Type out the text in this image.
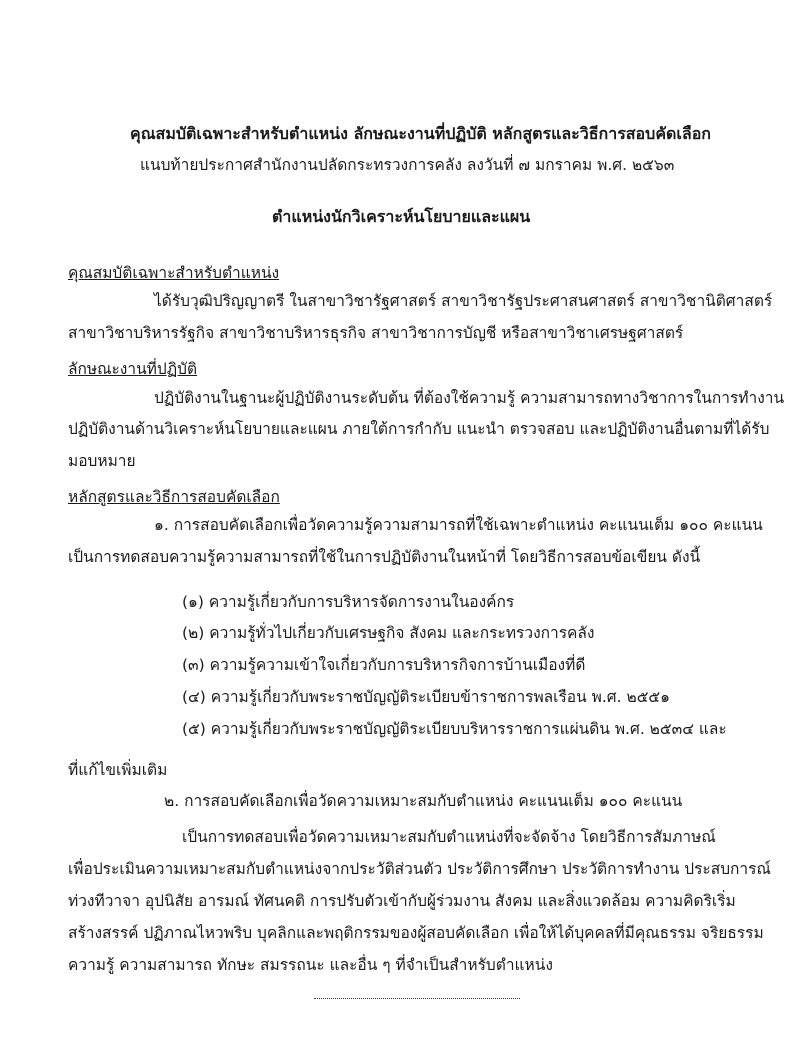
คุณสมบัติเฉพาะสำหรับตำแหน่ง ลักษณะงานที่ปฏิบัติ หลักสูตรและวิธีการสอบคัดเลือก
แนบท้ายประกาศสำนักงานปลัดกระทรวงการคลัง ลงวันที่ ๗ มกราคม พ.ศ. ๒๕๖๓
ตำแหน่งนักวิเคราะห์นโยบายและแผน
คุณสมบัติเฉพาะสำหรับตำแหน่ง
ได้รับวุฒิปริญญาตรี ในสาขาวิชารัฐศาสตร์ สาขาวิชารัฐประศาสนศาสตร์ สาขาวิชานิติศาสตร์
สาขาวิชาบริหารรัฐกิจ สาขาวิชาบริหารธุรกิจ สาขาวิชาการบัญชี หรือสาขาวิชาเศรษฐศาสตร์
ลักษณะงานที่ปฏิบัติ
ปฏิบัติงานในฐานะผู้ปฏิบัติงานระดับต้น ที่ต้องใช้ความรู้ ความสามารถทางวิชาการในการทำงาน
ปฏิบัติงานด้านวิเคราะห์นโยบายและแผน ภายใต้การกำกับ แนะนำ ตรวจสอบ และปฏิบัติงานอื่นตามที่ได้รับ
มอบหมาย
หลักสูตรและวิธีการสอบคัดเลือก
๑. การสอบคัดเลือกเพื่อวัดความรู้ความสามารถที่ใช้เฉพาะตำแหน่ง คะแนนเต็ม ๑๐๐ คะแนน
เป็นการทดสอบความรู้ความสามารถที่ใช้ในการปฏิบัติงานในหน้าที่ โดยวิธีการสอบข้อเขียน ดังนี้
(๑) ความรู้เกี่ยวกับการบริหารจัดการงานในองค์กร
(๒) ความรู้ทั่วไปเกี่ยวกับเศรษฐกิจ สังคม และกระทรวงการคลัง
(๓) ความรู้ความเข้าใจเกี่ยวกับการบริหารกิจการบ้านเมืองที่ดี
(๔) ความรู้เกี่ยวกับพระราชบัญญัติระเบียบข้าราชการพลเรือน พ.ศ. ๒๕๕๑
(๕) ความรู้เกี่ยวกับพระราชบัญญัติระเบียบบริหารราชการแผ่นดิน พ.ศ. ๒๕๓๔ และ
ที่แก้ไขเพิ่มเติม
๒. การสอบคัดเลือกเพื่อวัดความเหมาะสมกับตำแหน่ง คะแนนเต็ม ๑๐๐ คะแนน
เป็นการทดสอบเพื่อวัดความเหมาะสมกับตำแหน่งที่จะจัดจ้าง โดยวิธีการสัมภาษณ์
เพื่อประเมินความเหมาะสมกับตำแหน่งจากประวัติส่วนตัว ประวัติการศึกษา ประวัติการทำงาน ประสบการณ์
ท่วงทีวาจา อุปนิสัย อารมณ์ ทัศนคติ การปรับตัวเข้ากับผู้ร่วมงาน สังคม และสิ่งแวดล้อม ความคิดริเริ่ม
สร้างสรรค์ ปฏิภาณไหวพริบ บุคลิกและพฤติกรรมของผู้สอบคัดเลือก เพื่อให้ได้บุคคลที่มีคุณธรรม จริยธรรม
ความรู้ ความสามารถ ทักษะ สมรรถนะ และอื่น ๆ ที่จำเป็นสำหรับตำแหน่ง
